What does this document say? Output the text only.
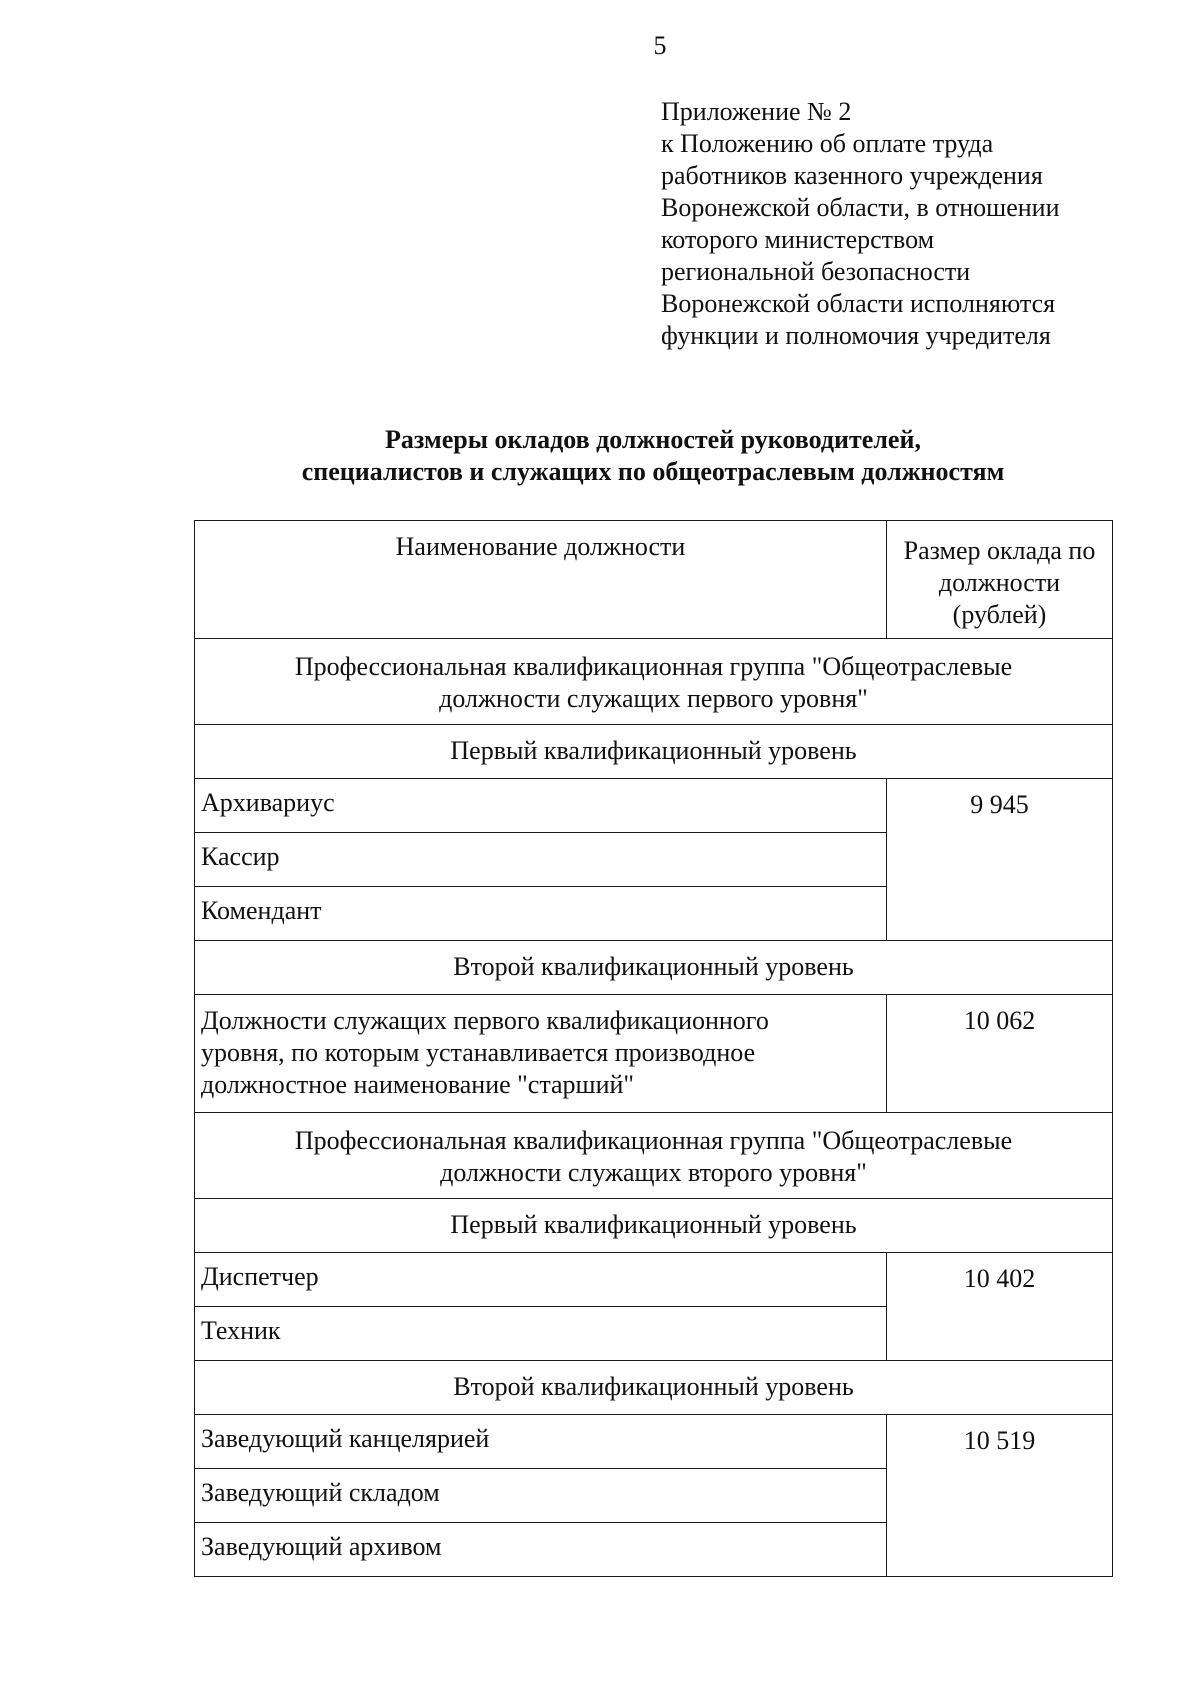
5
Приложение № 2
к Положению об оплате труда
работников казенного учреждения
Воронежской области, в отношении
которого министерством
региональной безопасности
Воронежской области исполняются
функции и полномочия учредителя
Размеры окладов должностей руководителей,
специалистов и служащих по общеотраслевым должностям
Наименование должности	Размер оклада по
должности
(рублей)

Профессиональная квалификационная группа "Общеотраслевые
должности служащих первого уровня"	

Первый квалификационный уровень	
Архивариус	9 945
Кассир	
Комендант	
Второй квалификационный уровень	

Должности служащих первого квалификационного
уровня, по которым устанавливается производное
должностное наименование "старший"	10 062

Профессиональная квалификационная группа "Общеотраслевые
должности служащих второго уровня"	

Первый квалификационный уровень	
Диспетчер	10 402
Техник	
Второй квалификационный уровень	
Заведующий канцелярией	10 519
Заведующий складом	
Заведующий архивом	
